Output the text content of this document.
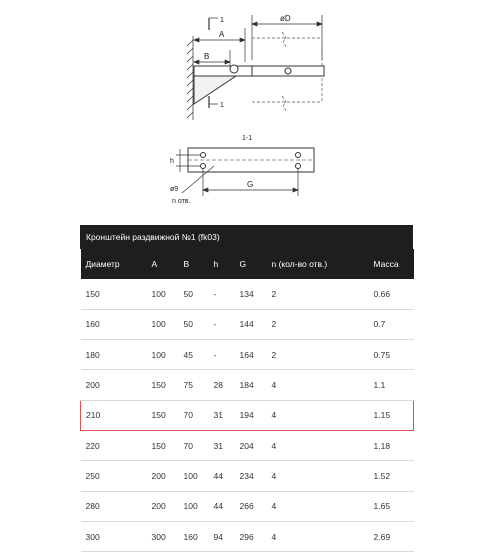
1
1
A
B
øD
1-1
h
G
ø9
n отв.
Кронштейн раздвижной №1 (fk03)
Диаметр	A	B	h	G	n (кол-во отв.)	Масса
150	100	50	-	134	2	0.66
160	100	50	-	144	2	0.7
180	100	45	-	164	2	0.75
200	150	75	28	184	4	1.1
210	150	70	31	194	4	1.15
220	150	70	31	204	4	1.18
250	200	100	44	234	4	1.52
280	200	100	44	266	4	1.65
300	300	160	94	296	4	2.69
